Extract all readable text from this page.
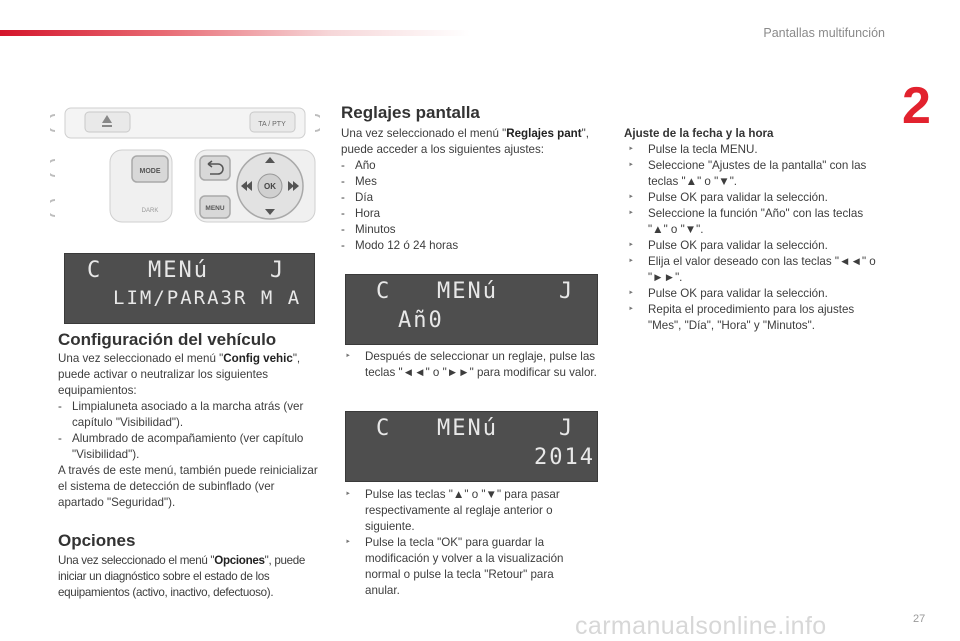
Pantallas multifunción
2
TA / PTY
MODE
DARK	MENU
OK
C   MENú    J
LIM/PARA3R M A
Configuración del vehículo
Una vez seleccionado el menú "Config vehic", puede activar o neutralizar los siguientes equipamientos:
- Limpialuneta asociado a la marcha atrás (ver capítulo "Visibilidad").
- Alumbrado de acompañamiento (ver capítulo "Visibilidad").
A través de este menú, también puede reinicializar el sistema de detección de subinflado (ver apartado "Seguridad").
Opciones
Una vez seleccionado el menú "Opciones", puede iniciar un diagnóstico sobre el estado de los equipamientos (activo, inactivo, defectuoso).
Reglajes pantalla
Una vez seleccionado el menú "Reglajes pant", puede acceder a los siguientes ajustes:
- Año
- Mes
- Día
- Hora
- Minutos
- Modo 12 ó 24 horas
C   MENú    J
Añ0
‣ Después de seleccionar un reglaje, pulse las teclas "◄◄" o "►►" para modificar su valor.
C   MENú    J
2014
‣ Pulse las teclas "▲" o "▼" para pasar respectivamente al reglaje anterior o siguiente.
‣ Pulse la tecla "OK" para guardar la modificación y volver a la visualización normal o pulse la tecla "Retour" para anular.
Ajuste de la fecha y la hora
‣ Pulse la tecla MENU.
‣ Seleccione "Ajustes de la pantalla" con las teclas "▲" o "▼".
‣ Pulse OK para validar la selección.
‣ Seleccione la función "Año" con las teclas "▲" o "▼".
‣ Pulse OK para validar la selección.
‣ Elija el valor deseado con las teclas "◄◄" o "►►".
‣ Pulse OK para validar la selección.
‣ Repita el procedimiento para los ajustes "Mes", "Día", "Hora" y "Minutos".
carmanualsonline.info	27
